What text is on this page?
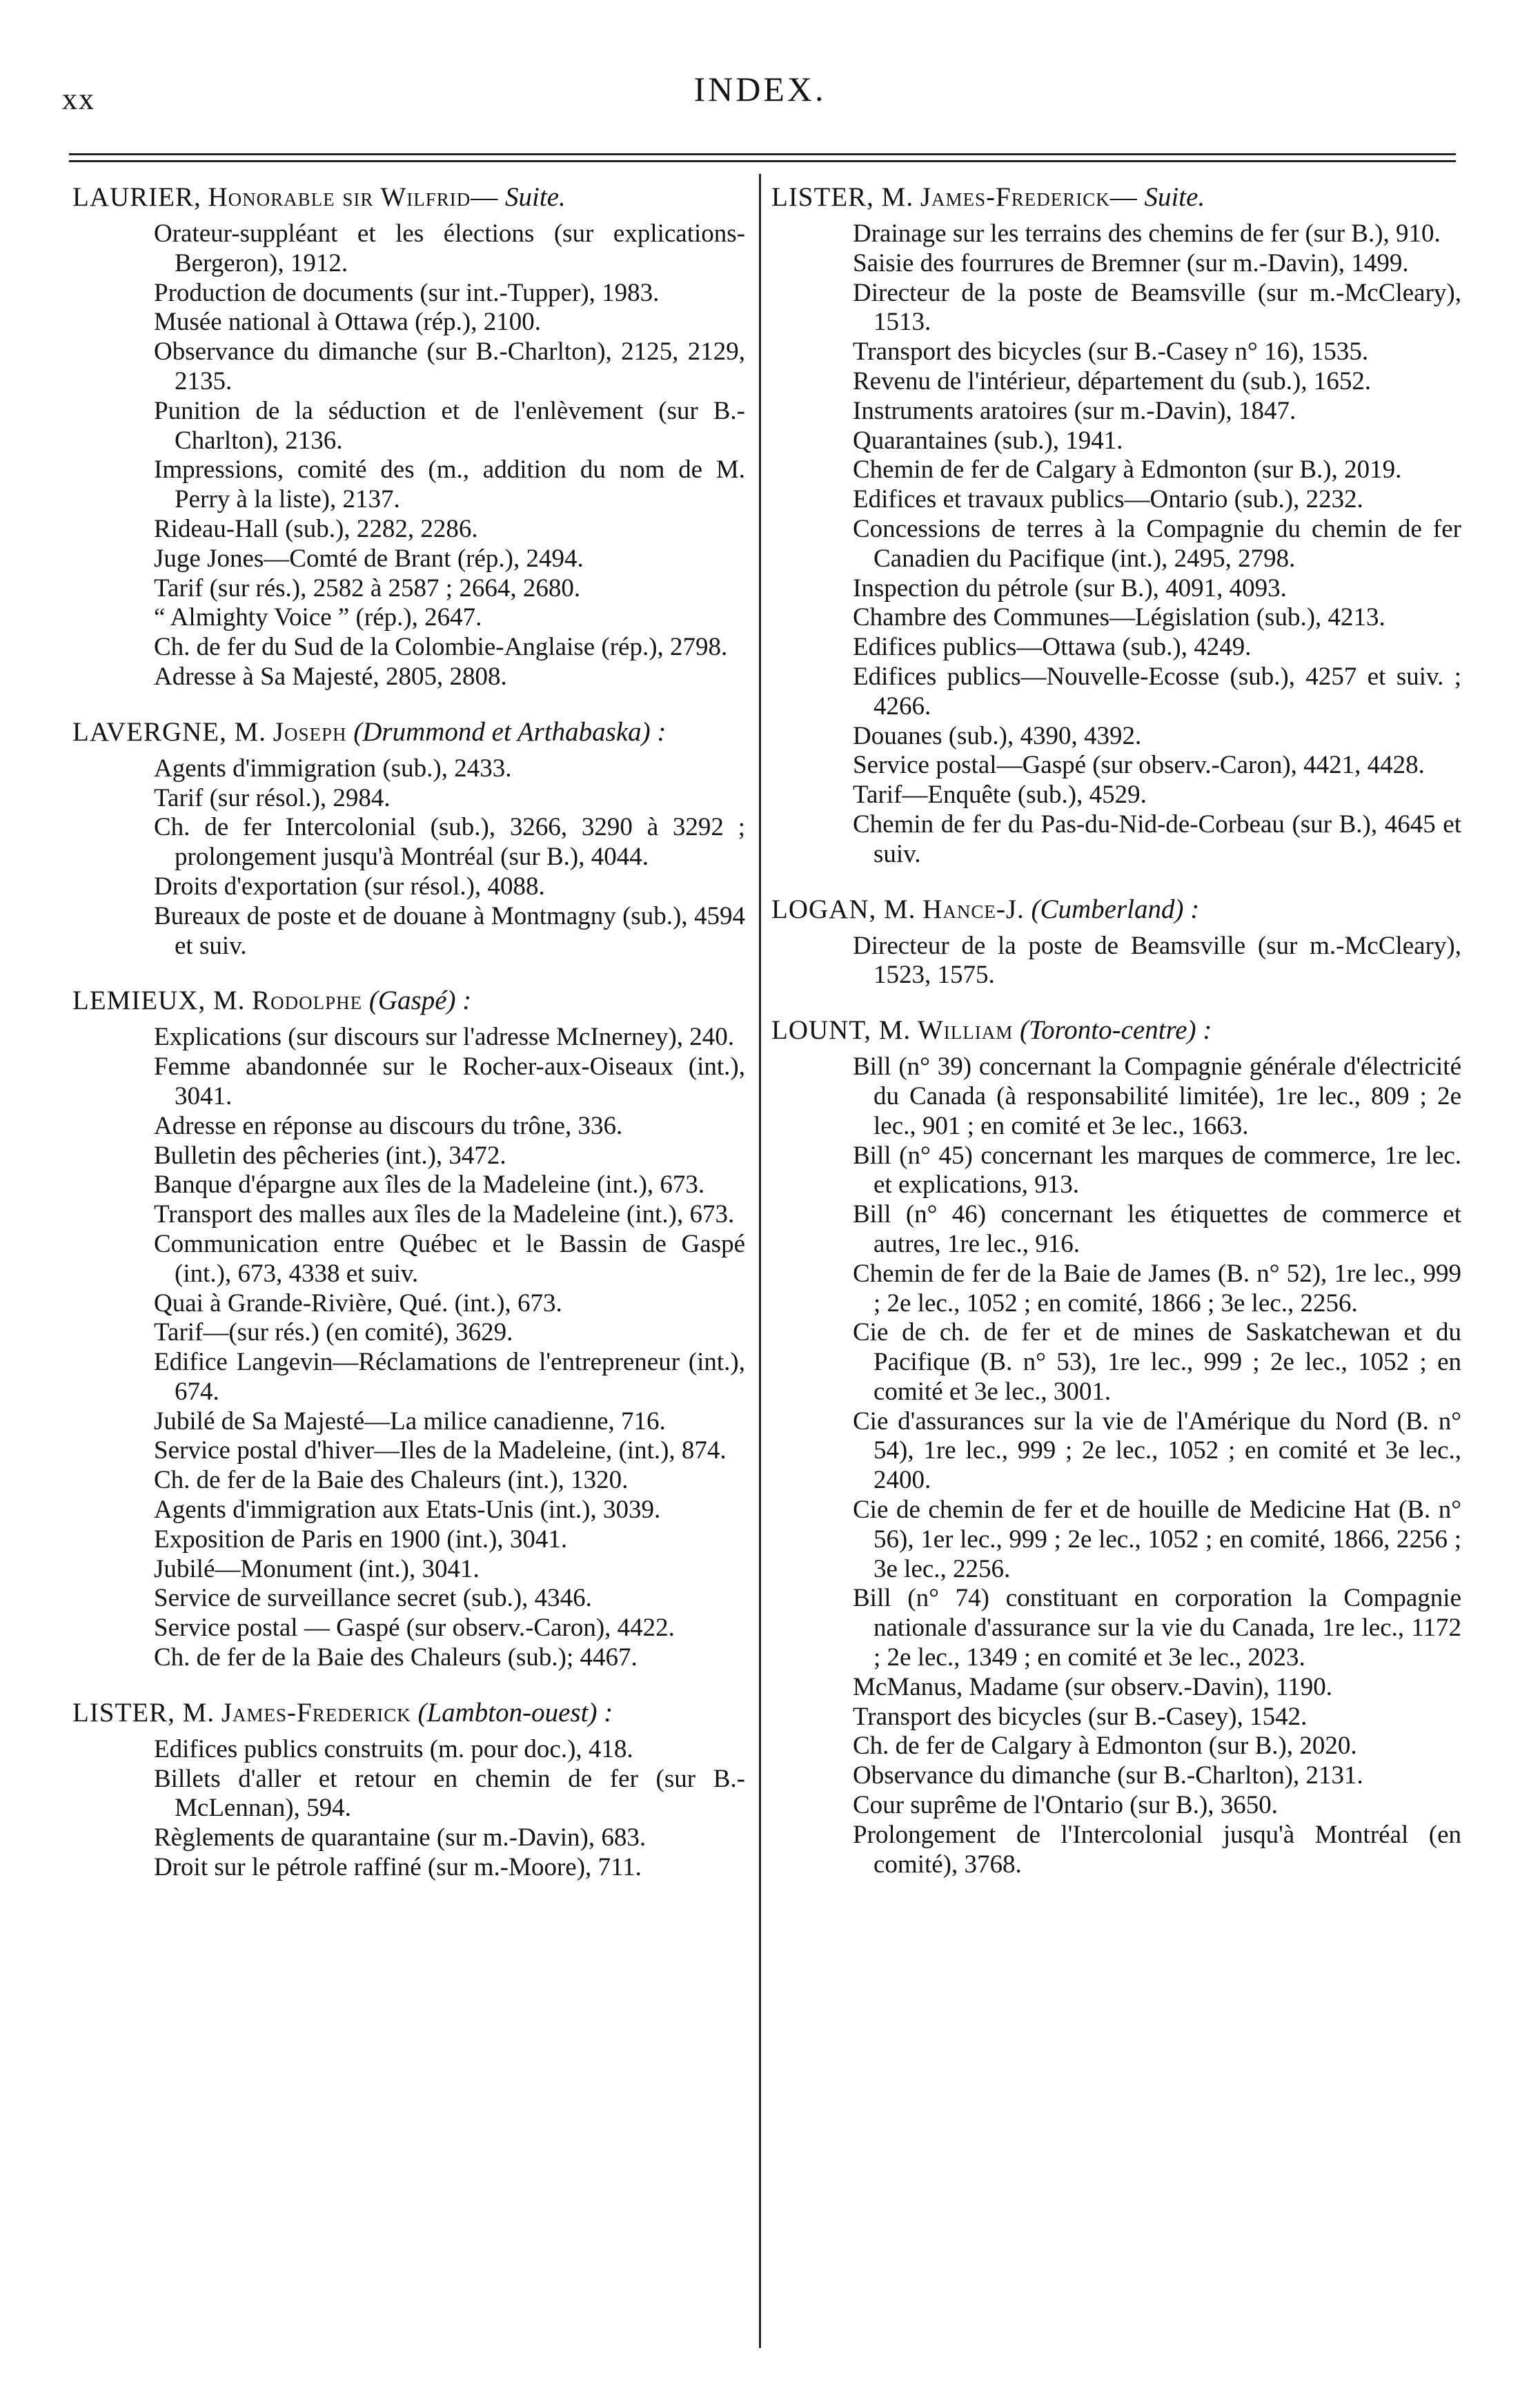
xx	INDEX.
LAURIER, Honorable sir Wilfrid— Suite.

Orateur-suppléant et les élections (sur explications-Bergeron), 1912.

Production de documents (sur int.-Tupper), 1983.

Musée national à Ottawa (rép.), 2100.

Observance du dimanche (sur B.-Charlton), 2125, 2129, 2135.

Punition de la séduction et de l'enlèvement (sur B.-Charlton), 2136.

Impressions, comité des (m., addition du nom de M. Perry à la liste), 2137.

Rideau-Hall (sub.), 2282, 2286.

Juge Jones—Comté de Brant (rép.), 2494.

Tarif (sur rés.), 2582 à 2587 ; 2664, 2680.

“ Almighty Voice ” (rép.), 2647.

Ch. de fer du Sud de la Colombie-Anglaise (rép.), 2798.

Adresse à Sa Majesté, 2805, 2808.

LAVERGNE, M. Joseph (Drummond et Arthabaska) :

Agents d'immigration (sub.), 2433.

Tarif (sur résol.), 2984.

Ch. de fer Intercolonial (sub.), 3266, 3290 à 3292 ; prolongement jusqu'à Montréal (sur B.), 4044.

Droits d'exportation (sur résol.), 4088.

Bureaux de poste et de douane à Montmagny (sub.), 4594 et suiv.

LEMIEUX, M. Rodolphe (Gaspé) :

Explications (sur discours sur l'adresse McInerney), 240.

Femme abandonnée sur le Rocher-aux-Oiseaux (int.), 3041.

Adresse en réponse au discours du trône, 336.

Bulletin des pêcheries (int.), 3472.

Banque d'épargne aux îles de la Madeleine (int.), 673.

Transport des malles aux îles de la Madeleine (int.), 673.

Communication entre Québec et le Bassin de Gaspé (int.), 673, 4338 et suiv.

Quai à Grande-Rivière, Qué. (int.), 673.

Tarif—(sur rés.) (en comité), 3629.

Edifice Langevin—Réclamations de l'entrepreneur (int.), 674.

Jubilé de Sa Majesté—La milice canadienne, 716.

Service postal d'hiver—Iles de la Madeleine, (int.), 874.

Ch. de fer de la Baie des Chaleurs (int.), 1320.

Agents d'immigration aux Etats-Unis (int.), 3039.

Exposition de Paris en 1900 (int.), 3041.

Jubilé—Monument (int.), 3041.

Service de surveillance secret (sub.), 4346.

Service postal — Gaspé (sur observ.-Caron), 4422.

Ch. de fer de la Baie des Chaleurs (sub.); 4467.

LISTER, M. James-Frederick (Lambton-ouest) :

Edifices publics construits (m. pour doc.), 418.

Billets d'aller et retour en chemin de fer (sur B.-McLennan), 594.

Règlements de quarantaine (sur m.-Davin), 683.

Droit sur le pétrole raffiné (sur m.-Moore), 711.

LISTER, M. James-Frederick— Suite.

Drainage sur les terrains des chemins de fer (sur B.), 910.

Saisie des fourrures de Bremner (sur m.-Davin), 1499.

Directeur de la poste de Beamsville (sur m.-McCleary), 1513.

Transport des bicycles (sur B.-Casey n° 16), 1535.

Revenu de l'intérieur, département du (sub.), 1652.

Instruments aratoires (sur m.-Davin), 1847.

Quarantaines (sub.), 1941.

Chemin de fer de Calgary à Edmonton (sur B.), 2019.

Edifices et travaux publics—Ontario (sub.), 2232.

Concessions de terres à la Compagnie du chemin de fer Canadien du Pacifique (int.), 2495, 2798.

Inspection du pétrole (sur B.), 4091, 4093.

Chambre des Communes—Législation (sub.), 4213.

Edifices publics—Ottawa (sub.), 4249.

Edifices publics—Nouvelle-Ecosse (sub.), 4257 et suiv. ; 4266.

Douanes (sub.), 4390, 4392.

Service postal—Gaspé (sur observ.-Caron), 4421, 4428.

Tarif—Enquête (sub.), 4529.

Chemin de fer du Pas-du-Nid-de-Corbeau (sur B.), 4645 et suiv.

LOGAN, M. Hance-J. (Cumberland) :

Directeur de la poste de Beamsville (sur m.-McCleary), 1523, 1575.

LOUNT, M. William (Toronto-centre) :

Bill (n° 39) concernant la Compagnie générale d'électricité du Canada (à responsabilité limitée), 1re lec., 809 ; 2e lec., 901 ; en comité et 3e lec., 1663.

Bill (n° 45) concernant les marques de commerce, 1re lec. et explications, 913.

Bill (n° 46) concernant les étiquettes de commerce et autres, 1re lec., 916.

Chemin de fer de la Baie de James (B. n° 52), 1re lec., 999 ; 2e lec., 1052 ; en comité, 1866 ; 3e lec., 2256.

Cie de ch. de fer et de mines de Saskatchewan et du Pacifique (B. n° 53), 1re lec., 999 ; 2e lec., 1052 ; en comité et 3e lec., 3001.

Cie d'assurances sur la vie de l'Amérique du Nord (B. n° 54), 1re lec., 999 ; 2e lec., 1052 ; en comité et 3e lec., 2400.

Cie de chemin de fer et de houille de Medicine Hat (B. n° 56), 1er lec., 999 ; 2e lec., 1052 ; en comité, 1866, 2256 ; 3e lec., 2256.

Bill (n° 74) constituant en corporation la Compagnie nationale d'assurance sur la vie du Canada, 1re lec., 1172 ; 2e lec., 1349 ; en comité et 3e lec., 2023.

McManus, Madame (sur observ.-Davin), 1190.

Transport des bicycles (sur B.-Casey), 1542.

Ch. de fer de Calgary à Edmonton (sur B.), 2020.

Observance du dimanche (sur B.-Charlton), 2131.

Cour suprême de l'Ontario (sur B.), 3650.

Prolongement de l'Intercolonial jusqu'à Montréal (en comité), 3768.
